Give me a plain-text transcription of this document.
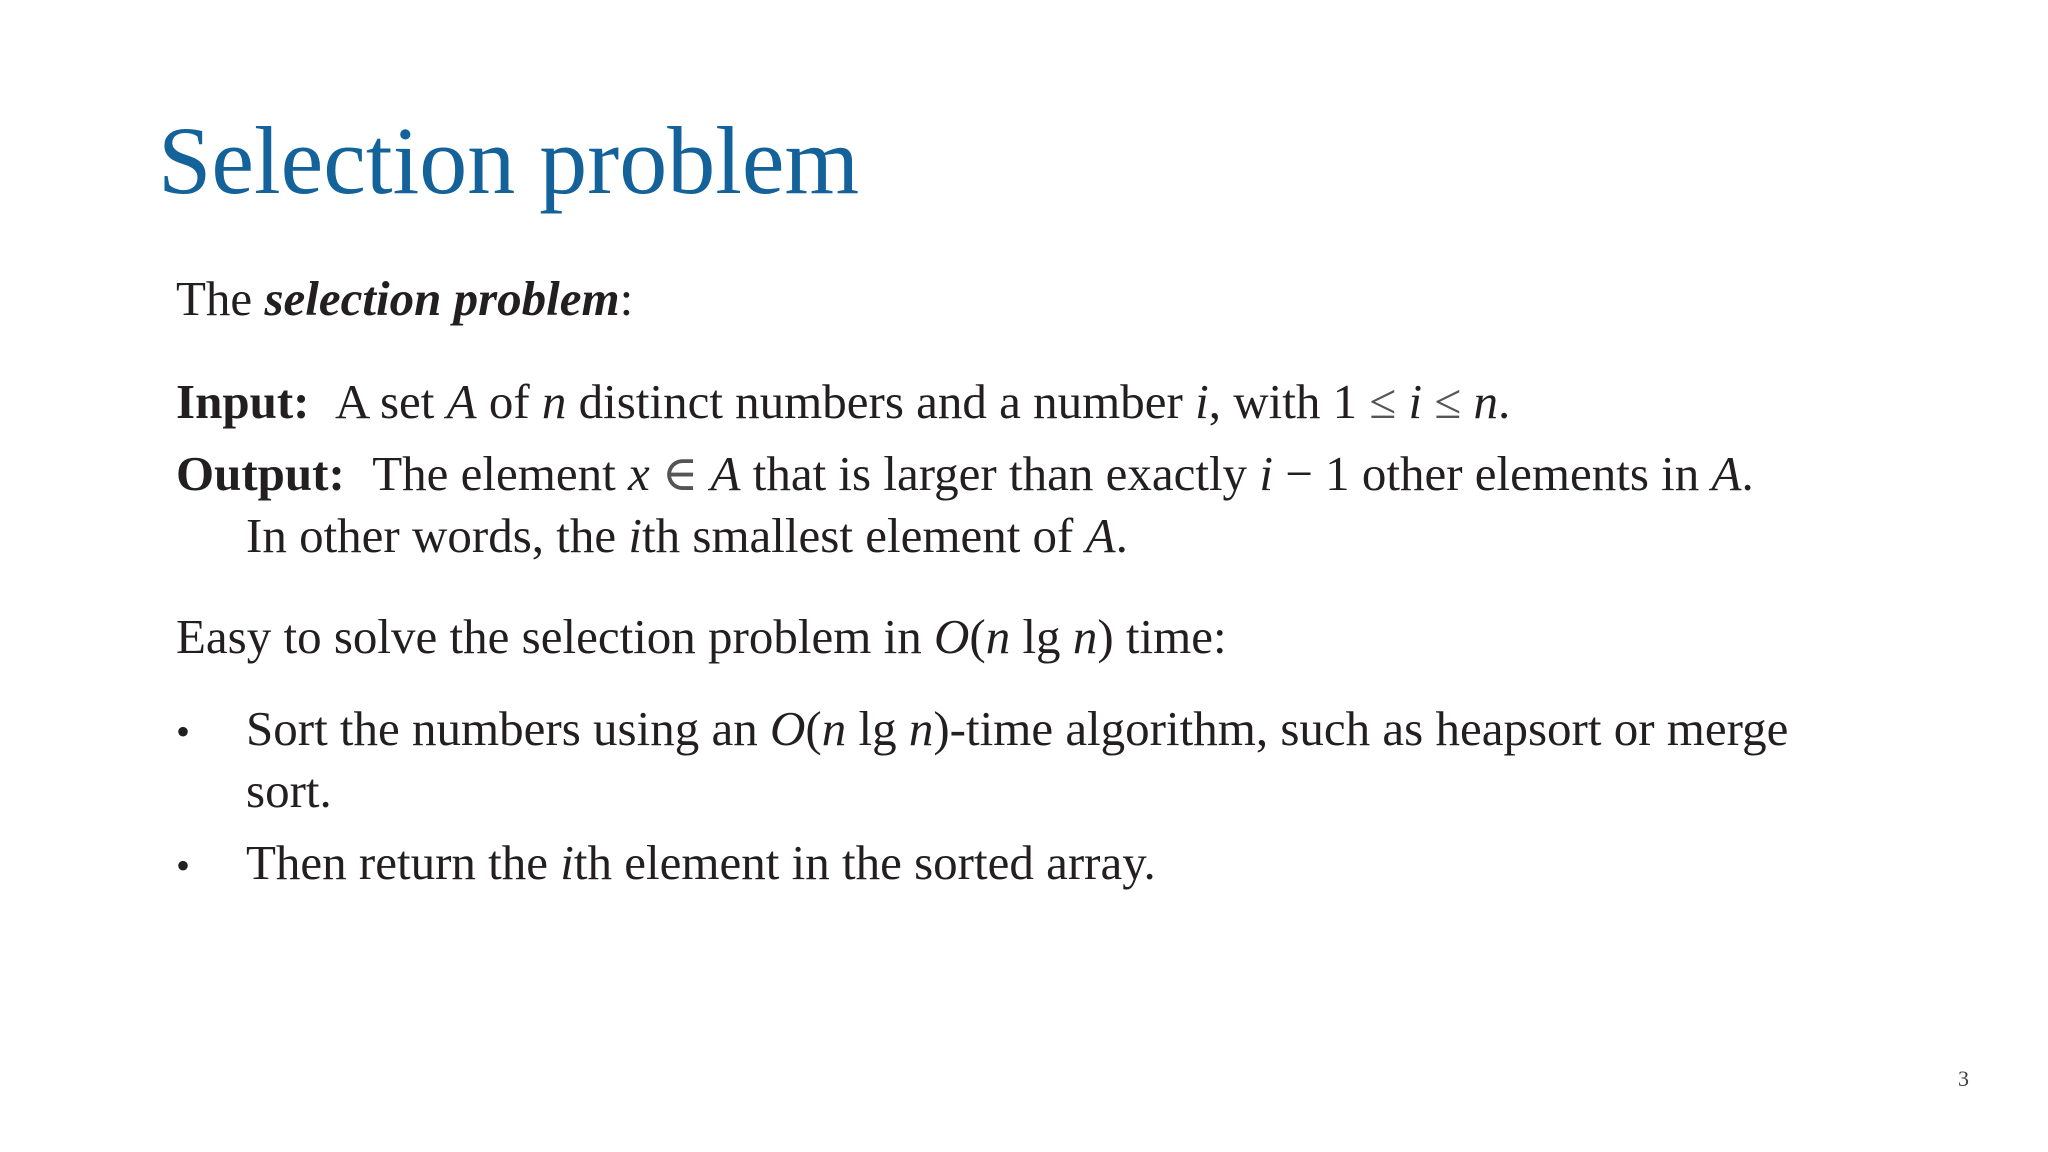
Selection problem
The selection problem:
Input: A set A of n distinct numbers and a number i, with 1 ≤ i ≤ n.
Output: The element x ∈ A that is larger than exactly i − 1 other elements in A.
In other words, the ith smallest element of A.
Easy to solve the selection problem in O(n lg n) time:
•	Sort the numbers using an O(n lg n)-time algorithm, such as heapsort or merge
sort.
•	Then return the ith element in the sorted array.
3
